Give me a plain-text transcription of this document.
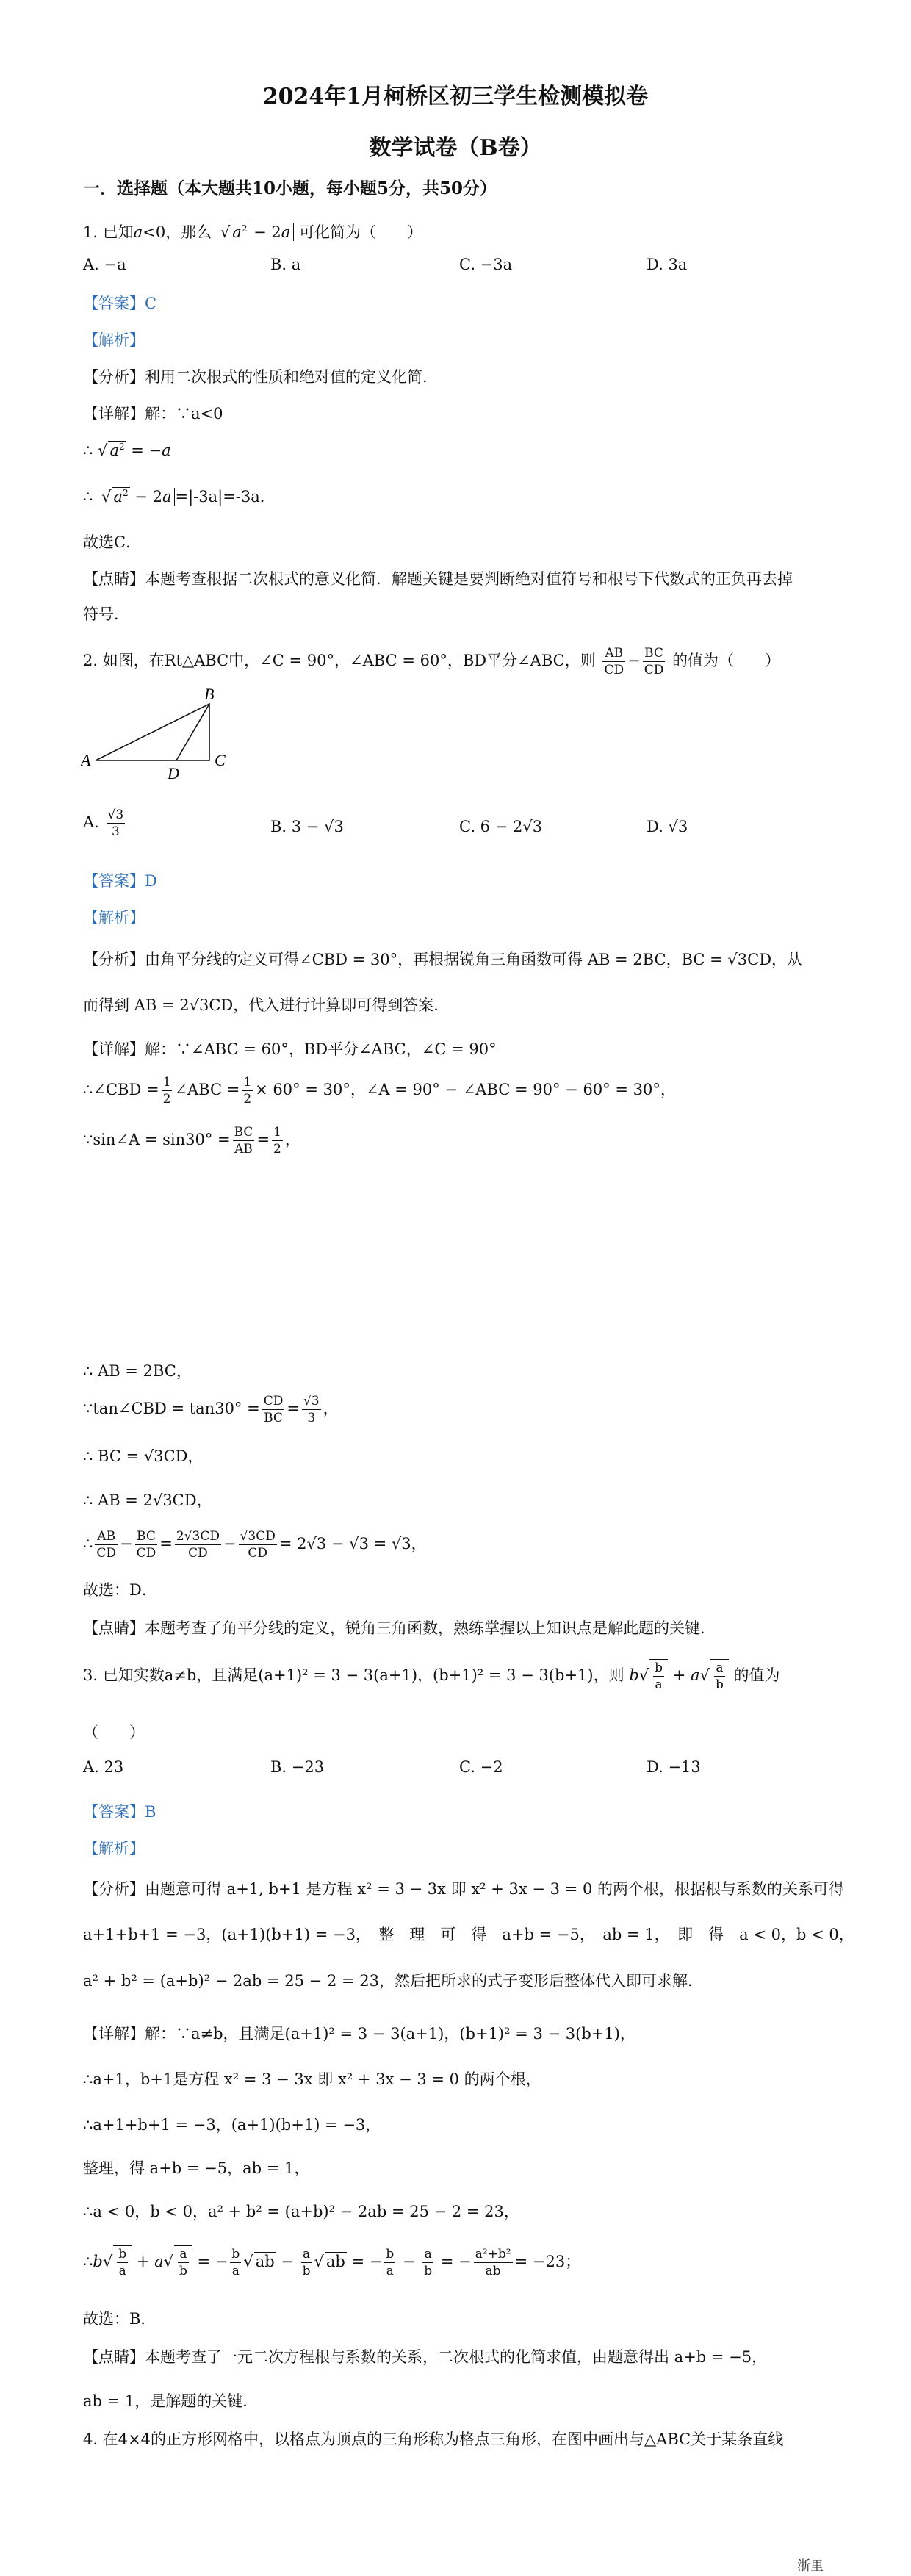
2024年1月柯桥区初三学生检测模拟卷
数学试卷（B卷）
一．选择题（本大题共10小题，每小题5分，共50分）
1. 已知a<0，那么 √ $a^2 - 2a$ 可化简为（　　）
A. −a	B. a	C. −3a	D. 3a
【答案】C
【解析】
【分析】利用二次根式的性质和绝对值的定义化简．
【详解】解：∵a<0
∴ √ $a^2 = -a$
∴ √ $a^2 - 2a =|-3a|=-3a$．
故选C．
【点睛】本题考查根据二次根式的意义化简．解题关键是要判断绝对值符号和根号下代数式的正负再去掉
符号．
2. 如图，在Rt△ABC中，∠C = 90°，∠ABC = 60°，BD平分∠ABC，则 $\frac{AB}{CD} - \frac{BC}{CD}$ 的值为（　　）
A
B
C
D
A. $\frac{√3}{3}$	B. 3 − √3	C. 6 − 2√3	D. √3
【答案】D
【解析】
【分析】由角平分线的定义可得∠CBD = 30°，再根据锐角三角函数可得 AB = 2BC，BC = √3CD，从
而得到 AB = 2√3CD，代入进行计算即可得到答案．
【详解】解：∵∠ABC = 60°，BD平分∠ABC，∠C = 90°
∴∠CBD = $\frac{1}{2}$ ∠ABC = $\frac{1}{2} \times 60^\circ = 30^\circ$，∠A = 90° − ∠ABC = 90° − 60° = 30°，
∵sin∠A = $\sin 30^\circ = \frac{BC}{AB} = \frac{1}{2}$ ，
∴ AB = 2BC，
∵tan∠CBD = $\tan 30^\circ = \frac{CD}{BC} = \frac{√3}{3}$ ，
∴ BC = √3CD，
∴ AB = 2√3CD，
∴ $\frac{AB}{CD} - \frac{BC}{CD} = \frac{2√3CD}{CD} - \frac{√3CD}{CD} = 2√3 - √3 = √3$，
故选：D．
【点睛】本题考查了角平分线的定义，锐角三角函数，熟练掌握以上知识点是解此题的关键．
3. 已知实数a≠b，且满足(a+1)² = 3 − 3(a+1)，(b+1)² = 3 − 3(b+1)，则 $b√ \frac{b}{a} + a√ \frac{a}{b}$ 的值为
（　　）
A. 23	B. −23	C. −2	D. −13
【答案】B
【解析】
【分析】由题意可得 a+1, b+1 是方程 x² = 3 − 3x 即 x² + 3x − 3 = 0 的两个根，根据根与系数的关系可得
a+1+b+1 = −3，(a+1)(b+1) = −3，　整　理　可　得　a+b = −5，　ab = 1，　即　得　a < 0，b < 0，
a² + b² = (a+b)² − 2ab = 25 − 2 = 23，然后把所求的式子变形后整体代入即可求解．
【详解】解：∵a≠b，且满足(a+1)² = 3 − 3(a+1)，(b+1)² = 3 − 3(b+1)，
∴a+1，b+1是方程 x² = 3 − 3x 即 x² + 3x − 3 = 0 的两个根，
∴a+1+b+1 = −3，(a+1)(b+1) = −3，
整理，得 a+b = −5，ab = 1，
∴a < 0，b < 0，a² + b² = (a+b)² − 2ab = 25 − 2 = 23，
∴b√ $\frac{b}{a} + a√ \frac{a}{b}$ = − $\frac{b}{a}$ √ ab − $\frac{a}{b}$ √ ab = − $\frac{b}{a} - \frac{a}{b}$ = − $\frac{\text{a²+b²}}{ab} = -23$；
故选：B．
【点睛】本题考查了一元二次方程根与系数的关系，二次根式的化简求值，由题意得出 a+b = −5，
ab = 1，是解题的关键．
4. 在4×4的正方形网格中，以格点为顶点的三角形称为格点三角形，在图中画出与△ABC关于某条直线
浙里
